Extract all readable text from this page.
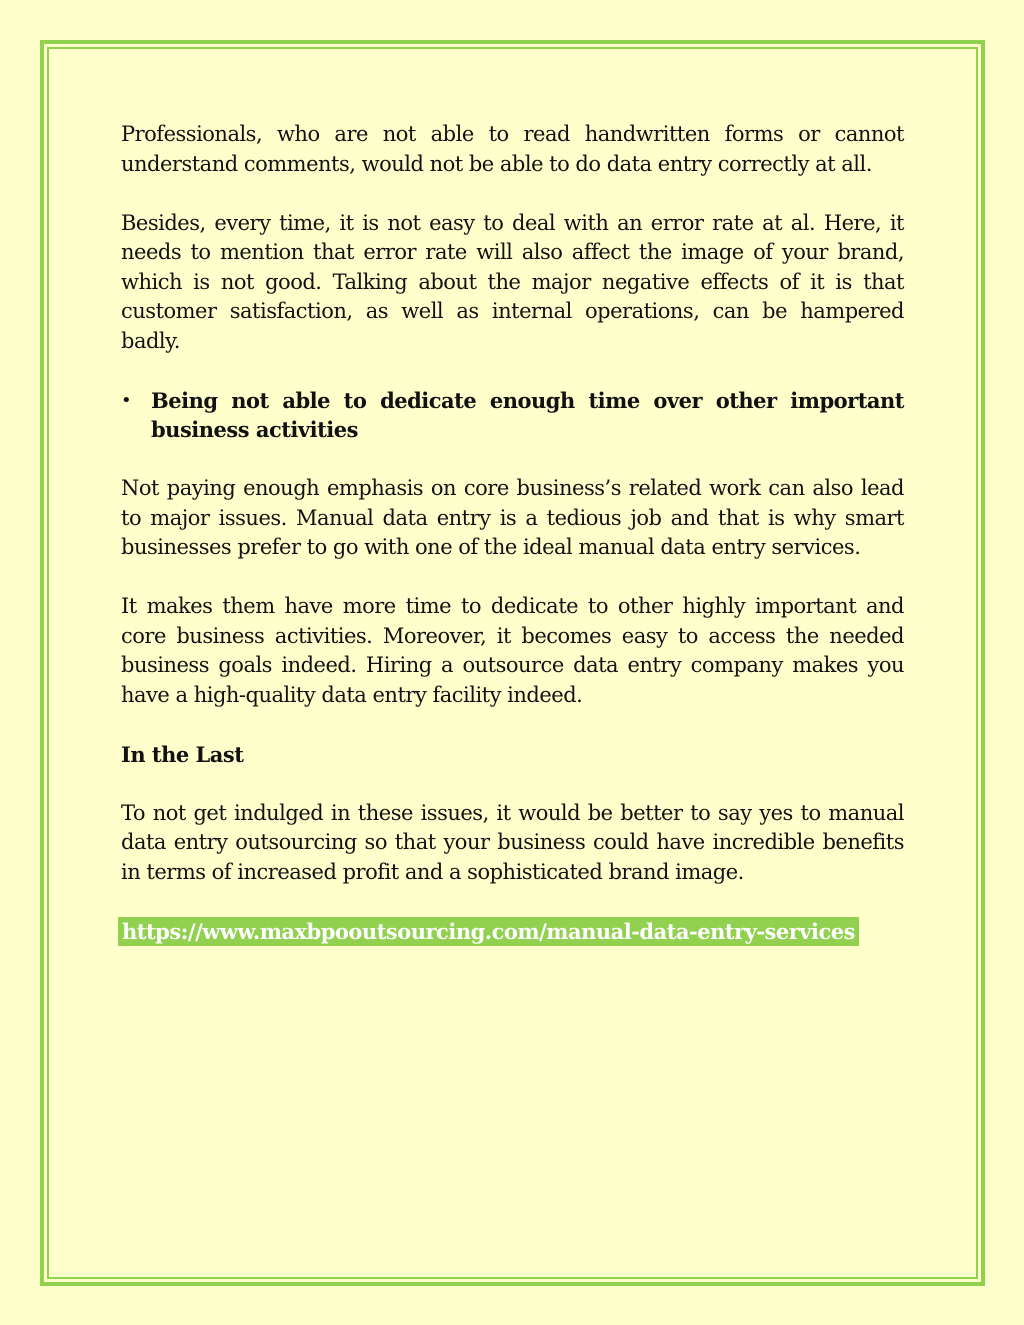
Professionals, who are not able to read handwritten forms or cannot understand comments, would not be able to do data entry correctly at all.

Besides, every time, it is not easy to deal with an error rate at al. Here, it needs to mention that error rate will also affect the image of your brand, which is not good. Talking about the major negative effects of it is that customer satisfaction, as well as internal operations, can be hampered badly.

• Being not able to dedicate enough time over other important business activities

Not paying enough emphasis on core business’s related work can also lead to major issues. Manual data entry is a tedious job and that is why smart businesses prefer to go with one of the ideal manual data entry services.

It makes them have more time to dedicate to other highly important and core business activities. Moreover, it becomes easy to access the needed business goals indeed. Hiring a outsource data entry company makes you have a high-quality data entry facility indeed.

In the Last

To not get indulged in these issues, it would be better to say yes to manual data entry outsourcing so that your business could have incredible benefits in terms of increased profit and a sophisticated brand image.

https://www.maxbpooutsourcing.com/manual-data-entry-services
